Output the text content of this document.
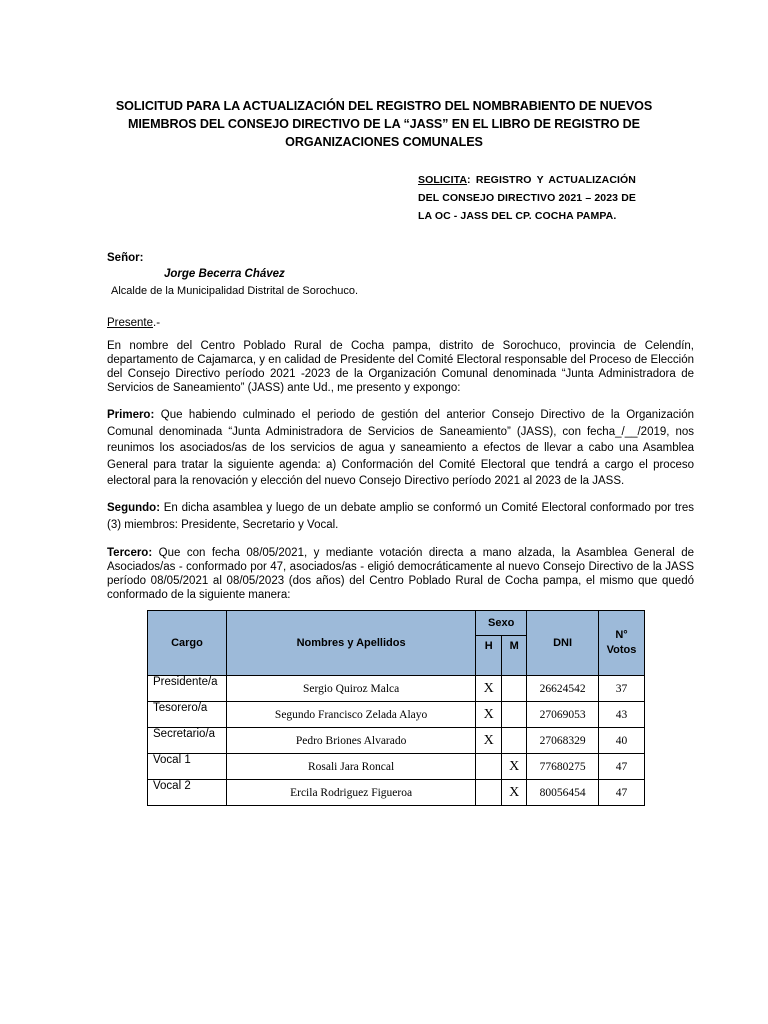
SOLICITUD PARA LA ACTUALIZACIÓN DEL REGISTRO DEL NOMBRABIENTO DE NUEVOS MIEMBROS DEL CONSEJO DIRECTIVO DE LA “JASS” EN EL LIBRO DE REGISTRO DE ORGANIZACIONES COMUNALES
SOLICITA: REGISTRO Y ACTUALIZACIÓN DEL CONSEJO DIRECTIVO 2021 – 2023 DE LA OC - JASS DEL CP. COCHA PAMPA.
Señor:
Jorge Becerra Chávez
Alcalde de la Municipalidad Distrital de Sorochuco.
Presente.-
En nombre del Centro Poblado Rural de Cocha pampa, distrito de Sorochuco, provincia de Celendín, departamento de Cajamarca, y en calidad de Presidente del Comité Electoral responsable del Proceso de Elección del Consejo Directivo período 2021 -2023 de la Organización Comunal denominada “Junta Administradora de Servicios de Saneamiento” (JASS) ante Ud., me presento y expongo:
Primero: Que habiendo culminado el periodo de gestión del anterior Consejo Directivo de la Organización Comunal denominada “Junta Administradora de Servicios de Saneamiento” (JASS), con fecha_/__/2019, nos reunimos los asociados/as de los servicios de agua y saneamiento a efectos de llevar a cabo una Asamblea General para tratar la siguiente agenda: a) Conformación del Comité Electoral que tendrá a cargo el proceso electoral para la renovación y elección del nuevo Consejo Directivo período 2021 al 2023 de la JASS.
Segundo: En dicha asamblea y luego de un debate amplio se conformó un Comité Electoral conformado por tres (3) miembros: Presidente, Secretario y Vocal.
Tercero: Que con fecha 08/05/2021, y mediante votación directa a mano alzada, la Asamblea General de Asociados/as - conformado por 47, asociados/as - eligió democráticamente al nuevo Consejo Directivo de la JASS período 08/05/2021 al 08/05/2023 (dos años) del Centro Poblado Rural de Cocha pampa, el mismo que quedó conformado de la siguiente manera:
Cargo	Nombres y Apellidos	Sexo		DNI	N° Votos
		H	M		
Presidente/a	Sergio Quiroz Malca	X		26624542	37
Tesorero/a	Segundo Francisco Zelada Alayo	X		27069053	43
Secretario/a	Pedro Briones Alvarado	X		27068329	40
Vocal 1	Rosali Jara Roncal		X	77680275	47
Vocal 2	Ercila Rodriguez Figueroa		X	80056454	47
